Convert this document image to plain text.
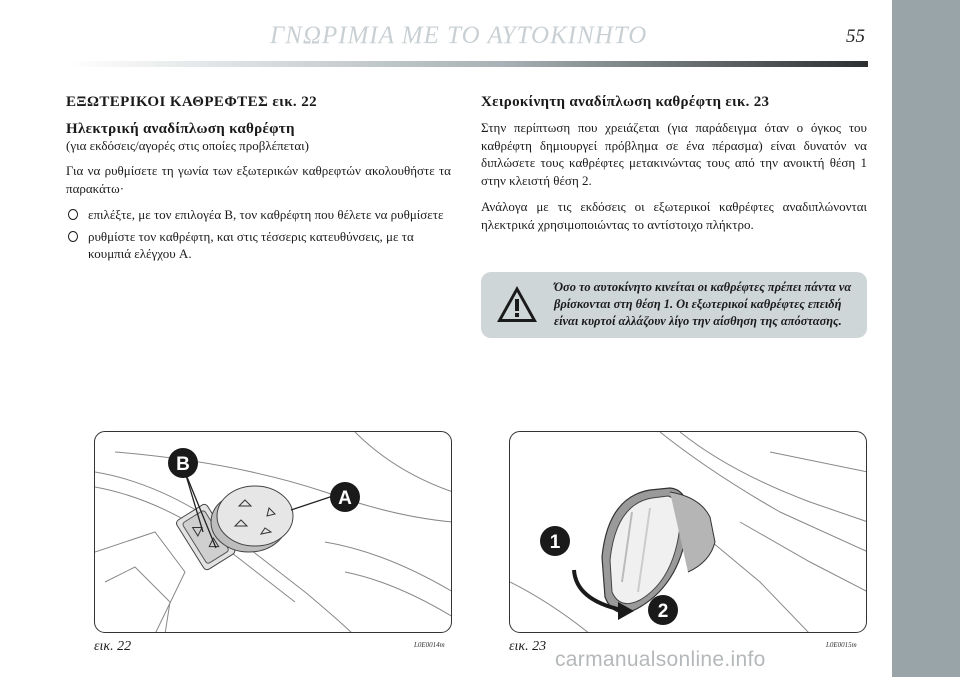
ΓΝΩΡΙΜΙΑ ΜΕ ΤΟ ΑΥΤΟΚΙΝΗΤΟ	55
ΕΞΩΤΕΡΙΚΟΙ ΚΑΘΡΕΦΤΕΣ εικ. 22
Ηλεκτρική αναδίπλωση καθρέφτη

(για εκδόσεις/αγορές στις οποίες προβλέπεται)

Για να ρυθμίσετε τη γωνία των εξωτερικών καθρεφτών ακολουθήστε τα παρακάτω·

επιλέξτε, με τον επιλογέα B, τον καθρέφτη που θέλετε να ρυθμίσετε
ρυθμίστε τον καθρέφτη, και στις τέσσερις κατευθύνσεις, με τα κουμπιά ελέγχου A.
Χειροκίνητη αναδίπλωση καθρέφτη εικ. 23

Στην περίπτωση που χρειάζεται (για παράδειγμα όταν ο όγκος του καθρέφτη δημιουργεί πρόβλημα σε ένα πέρασμα) είναι δυνατόν να διπλώσετε τους καθρέφτες μετακινώντας τους από την ανοικτή θέση 1 στην κλειστή θέση 2.

Ανάλογα με τις εκδόσεις οι εξωτερικοί καθρέφτες αναδιπλώνονται ηλεκτρικά χρησιμοποιώντας το αντίστοιχο πλήκτρο.

Όσο το αυτοκίνητο κινείται οι καθρέφτες πρέπει πάντα να βρίσκονται στη θέση 1. Οι εξωτερικοί καθρέφτες επειδή είναι κυρτοί αλλάζουν λίγο την αίσθηση της απόστασης.
B
A
εικ. 22	L0E0014m
1
2
εικ. 23	L0E0015m
carmanualsonline.info
